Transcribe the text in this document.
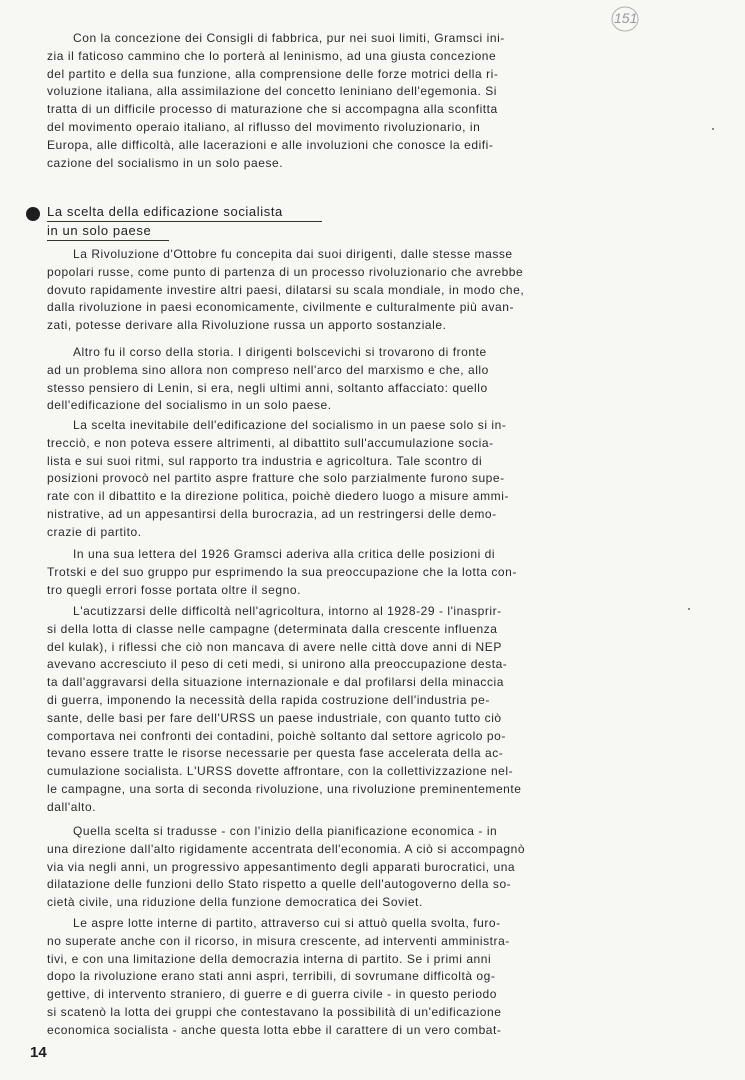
151
Con la concezione dei Consigli di fabbrica, pur nei suoi limiti, Gramsci ini-
zia il faticoso cammino che lo porterà al leninismo, ad una giusta concezione
del partito e della sua funzione, alla comprensione delle forze motrici della ri-
voluzione italiana, alla assimilazione del concetto leniniano dell'egemonia. Si
tratta di un difficile processo di maturazione che si accompagna alla sconfitta
del movimento operaio italiano, al riflusso del movimento rivoluzionario, in
Europa, alle difficoltà, alle lacerazioni e alle involuzioni che conosce la edifi-
cazione del socialismo in un solo paese.
La scelta della edificazione socialista
in un solo paese
La Rivoluzione d'Ottobre fu concepita dai suoi dirigenti, dalle stesse masse
popolari russe, come punto di partenza di un processo rivoluzionario che avrebbe
dovuto rapidamente investire altri paesi, dilatarsi su scala mondiale, in modo che,
dalla rivoluzione in paesi economicamente, civilmente e culturalmente più avan-
zati, potesse derivare alla Rivoluzione russa un apporto sostanziale.
Altro fu il corso della storia. I dirigenti bolscevichi si trovarono di fronte
ad un problema sino allora non compreso nell'arco del marxismo e che, allo
stesso pensiero di Lenin, si era, negli ultimi anni, soltanto affacciato: quello
dell'edificazione del socialismo in un solo paese.
La scelta inevitabile dell'edificazione del socialismo in un paese solo si in-
trecciò, e non poteva essere altrimenti, al dibattito sull'accumulazione socia-
lista e sui suoi ritmi, sul rapporto tra industria e agricoltura. Tale scontro di
posizioni provocò nel partito aspre fratture che solo parzialmente furono supe-
rate con il dibattito e la direzione politica, poichè diedero luogo a misure ammi-
nistrative, ad un appesantirsi della burocrazia, ad un restringersi delle demo-
crazie di partito.
In una sua lettera del 1926 Gramsci aderiva alla critica delle posizioni di
Trotski e del suo gruppo pur esprimendo la sua preoccupazione che la lotta con-
tro quegli errori fosse portata oltre il segno.
L'acutizzarsi delle difficoltà nell'agricoltura, intorno al 1928-29 - l'inasprir-
si della lotta di classe nelle campagne (determinata dalla crescente influenza
del kulak), i riflessi che ciò non mancava di avere nelle città dove anni di NEP
avevano accresciuto il peso di ceti medi, si unirono alla preoccupazione desta-
ta dall'aggravarsi della situazione internazionale e dal profilarsi della minaccia
di guerra, imponendo la necessità della rapida costruzione dell'industria pe-
sante, delle basi per fare dell'URSS un paese industriale, con quanto tutto ciò
comportava nei confronti dei contadini, poichè soltanto dal settore agricolo po-
tevano essere tratte le risorse necessarie per questa fase accelerata della ac-
cumulazione socialista. L'URSS dovette affrontare, con la collettivizzazione nel-
le campagne, una sorta di seconda rivoluzione, una rivoluzione preminentemente
dall'alto.
Quella scelta si tradusse - con l'inizio della pianificazione economica - in
una direzione dall'alto rigidamente accentrata dell'economia. A ciò si accompagnò
via via negli anni, un progressivo appesantimento degli apparati burocratici, una
dilatazione delle funzioni dello Stato rispetto a quelle dell'autogoverno della so-
cietà civile, una riduzione della funzione democratica dei Soviet.
Le aspre lotte interne di partito, attraverso cui si attuò quella svolta, furo-
no superate anche con il ricorso, in misura crescente, ad interventi amministra-
tivi, e con una limitazione della democrazia interna di partito. Se i primi anni
dopo la rivoluzione erano stati anni aspri, terribili, di sovrumane difficoltà og-
gettive, di intervento straniero, di guerre e di guerra civile - in questo periodo
si scatenò la lotta dei gruppi che contestavano la possibilità di un'edificazione
economica socialista - anche questa lotta ebbe il carattere di un vero combat-
14
